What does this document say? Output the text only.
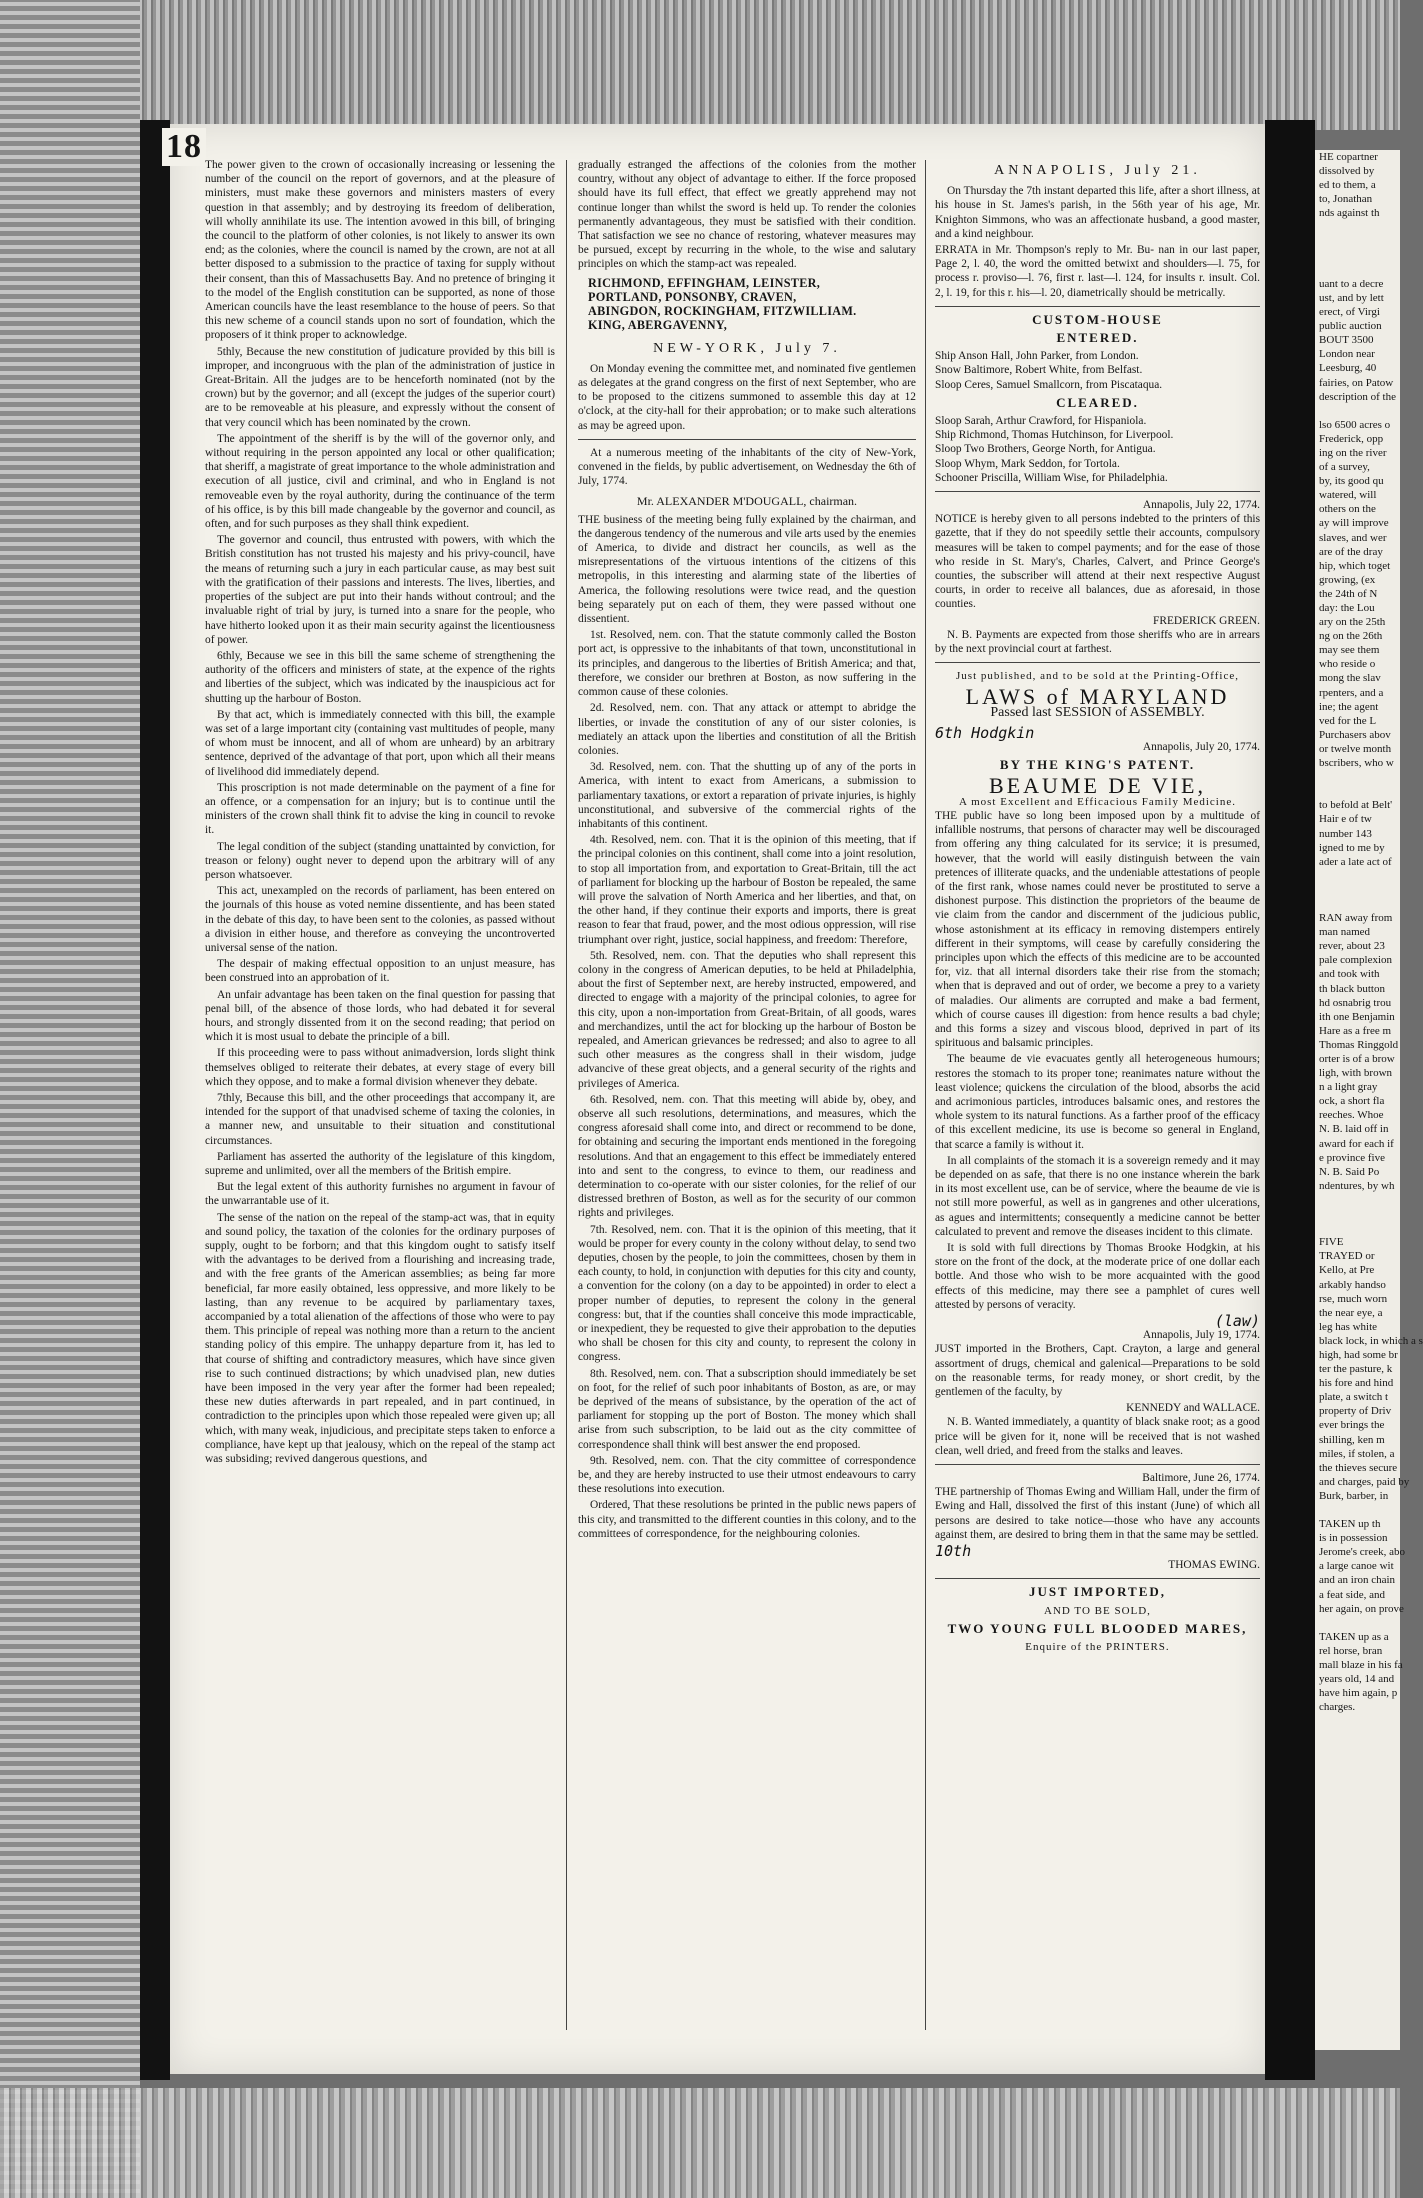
18 The power given to the crown of occasionally increasing or lessening the number of the council on the report of governors, and at the pleasure of ministers, must make these governors and ministers masters of every question in that assembly; and by destroying its freedom of deliberation, will wholly annihilate its use. The intention avowed in this bill, of bringing the council to the platform of other colonies, is not likely to answer its own end; as the colonies, where the council is named by the crown, are not at all better disposed to a submission to the practice of taxing for supply without their consent, than this of Massachusetts Bay. And no pretence of bringing it to the model of the English constitution can be supported, as none of those American councils have the least resemblance to the house of peers. So that this new scheme of a council stands upon no sort of foundation, which the proposers of it think proper to acknowledge.

5thly, Because the new constitution of judicature provided by this bill is improper, and incongruous with the plan of the administration of justice in Great-Britain. All the judges are to be henceforth nominated (not by the crown) but by the governor; and all (except the judges of the superior court) are to be removeable at his pleasure, and expressly without the consent of that very council which has been nominated by the crown.

The appointment of the sheriff is by the will of the governor only, and without requiring in the person appointed any local or other qualification; that sheriff, a magistrate of great importance to the whole administration and execution of all justice, civil and criminal, and who in England is not removeable even by the royal authority, during the continuance of the term of his office, is by this bill made changeable by the governor and council, as often, and for such purposes as they shall think expedient.

The governor and council, thus entrusted with powers, with which the British constitution has not trusted his majesty and his privy-council, have the means of returning such a jury in each particular cause, as may best suit with the gratification of their passions and interests. The lives, liberties, and properties of the subject are put into their hands without controul; and the invaluable right of trial by jury, is turned into a snare for the people, who have hitherto looked upon it as their main security against the licentiousness of power.

6thly, Because we see in this bill the same scheme of strengthening the authority of the officers and ministers of state, at the expence of the rights and liberties of the subject, which was indicated by the inauspicious act for shutting up the harbour of Boston.

By that act, which is immediately connected with this bill, the example was set of a large important city (containing vast multitudes of people, many of whom must be innocent, and all of whom are unheard) by an arbitrary sentence, deprived of the advantage of that port, upon which all their means of livelihood did immediately depend.

This proscription is not made determinable on the payment of a fine for an offence, or a compensation for an injury; but is to continue until the ministers of the crown shall think fit to advise the king in council to revoke it.

The legal condition of the subject (standing unattainted by conviction, for treason or felony) ought never to depend upon the arbitrary will of any person whatsoever.

This act, unexampled on the records of parliament, has been entered on the journals of this house as voted nemine dissentiente, and has been stated in the debate of this day, to have been sent to the colonies, as passed without a division in either house, and therefore as conveying the uncontroverted universal sense of the nation.

The despair of making effectual opposition to an unjust measure, has been construed into an approbation of it.

An unfair advantage has been taken on the final question for passing that penal bill, of the absence of those lords, who had debated it for several hours, and strongly dissented from it on the second reading; that period on which it is most usual to debate the principle of a bill.

If this proceeding were to pass without animadversion, lords slight think themselves obliged to reiterate their debates, at every stage of every bill which they oppose, and to make a formal division whenever they debate.

7thly, Because this bill, and the other proceedings that accompany it, are intended for the support of that unadvised scheme of taxing the colonies, in a manner new, and unsuitable to their situation and constitutional circumstances.

Parliament has asserted the authority of the legislature of this kingdom, supreme and unlimited, over all the members of the British empire.

But the legal extent of this authority furnishes no argument in favour of the unwarrantable use of it.

The sense of the nation on the repeal of the stamp-act was, that in equity and sound policy, the taxation of the colonies for the ordinary purposes of supply, ought to be forborn; and that this kingdom ought to satisfy itself with the advantages to be derived from a flourishing and increasing trade, and with the free grants of the American assemblies; as being far more beneficial, far more easily obtained, less oppressive, and more likely to be lasting, than any revenue to be acquired by parliamentary taxes, accompanied by a total alienation of the affections of those who were to pay them. This principle of repeal was nothing more than a return to the ancient standing policy of this empire. The unhappy departure from it, has led to that course of shifting and contradictory measures, which have since given rise to such continued distractions; by which unadvised plan, new duties have been imposed in the very year after the former had been repealed; these new duties afterwards in part repealed, and in part continued, in contradiction to the principles upon which those repealed were given up; all which, with many weak, injudicious, and precipitate steps taken to enforce a compliance, have kept up that jealousy, which on the repeal of the stamp act was subsiding; revived dangerous questions, and

gradually estranged the affections of the colonies from the mother country, without any object of advantage to either. If the force proposed should have its full effect, that effect we greatly apprehend may not continue longer than whilst the sword is held up. To render the colonies permanently advantageous, they must be satisfied with their condition. That satisfaction we see no chance of restoring, whatever measures may be pursued, except by recurring in the whole, to the wise and salutary principles on which the stamp-act was repealed.

RICHMOND, EFFINGHAM, LEINSTER,
PORTLAND, PONSONBY, CRAVEN,
ABINGDON, ROCKINGHAM, FITZWILLIAM.
KING, ABERGAVENNY,
NEW-YORK, July 7.

On Monday evening the committee met, and nominated five gentlemen as delegates at the grand congress on the first of next September, who are to be proposed to the citizens summoned to assemble this day at 12 o'clock, at the city-hall for their approbation; or to make such alterations as may be agreed upon.

At a numerous meeting of the inhabitants of the city of New-York, convened in the fields, by public advertisement, on Wednesday the 6th of July, 1774.

Mr. ALEXANDER M'DOUGALL, chairman.

THE business of the meeting being fully explained by the chairman, and the dangerous tendency of the numerous and vile arts used by the enemies of America, to divide and distract her councils, as well as the misrepresentations of the virtuous intentions of the citizens of this metropolis, in this interesting and alarming state of the liberties of America, the following resolutions were twice read, and the question being separately put on each of them, they were passed without one dissentient.

1st. Resolved, nem. con. That the statute commonly called the Boston port act, is oppressive to the inhabitants of that town, unconstitutional in its principles, and dangerous to the liberties of British America; and that, therefore, we consider our brethren at Boston, as now suffering in the common cause of these colonies.

2d. Resolved, nem. con. That any attack or attempt to abridge the liberties, or invade the constitution of any of our sister colonies, is mediately an attack upon the liberties and constitution of all the British colonies.

3d. Resolved, nem. con. That the shutting up of any of the ports in America, with intent to exact from Americans, a submission to parliamentary taxations, or extort a reparation of private injuries, is highly unconstitutional, and subversive of the commercial rights of the inhabitants of this continent.

4th. Resolved, nem. con. That it is the opinion of this meeting, that if the principal colonies on this continent, shall come into a joint resolution, to stop all importation from, and exportation to Great-Britain, till the act of parliament for blocking up the harbour of Boston be repealed, the same will prove the salvation of North America and her liberties, and that, on the other hand, if they continue their exports and imports, there is great reason to fear that fraud, power, and the most odious oppression, will rise triumphant over right, justice, social happiness, and freedom: Therefore,

5th. Resolved, nem. con. That the deputies who shall represent this colony in the congress of American deputies, to be held at Philadelphia, about the first of September next, are hereby instructed, empowered, and directed to engage with a majority of the principal colonies, to agree for this city, upon a non-importation from Great-Britain, of all goods, wares and merchandizes, until the act for blocking up the harbour of Boston be repealed, and American grievances be redressed; and also to agree to all such other measures as the congress shall in their wisdom, judge advancive of these great objects, and a general security of the rights and privileges of America.

6th. Resolved, nem. con. That this meeting will abide by, obey, and observe all such resolutions, determinations, and measures, which the congress aforesaid shall come into, and direct or recommend to be done, for obtaining and securing the important ends mentioned in the foregoing resolutions. And that an engagement to this effect be immediately entered into and sent to the congress, to evince to them, our readiness and determination to co-operate with our sister colonies, for the relief of our distressed brethren of Boston, as well as for the security of our common rights and privileges.

7th. Resolved, nem. con. That it is the opinion of this meeting, that it would be proper for every county in the colony without delay, to send two deputies, chosen by the people, to join the committees, chosen by them in each county, to hold, in conjunction with deputies for this city and county, a convention for the colony (on a day to be appointed) in order to elect a proper number of deputies, to represent the colony in the general congress: but, that if the counties shall conceive this mode impracticable, or inexpedient, they be requested to give their approbation to the deputies who shall be chosen for this city and county, to represent the colony in congress.

8th. Resolved, nem. con. That a subscription should immediately be set on foot, for the relief of such poor inhabitants of Boston, as are, or may be deprived of the means of subsistance, by the operation of the act of parliament for stopping up the port of Boston. The money which shall arise from such subscription, to be laid out as the city committee of correspondence shall think will best answer the end proposed.

9th. Resolved, nem. con. That the city committee of correspondence be, and they are hereby instructed to use their utmost endeavours to carry these resolutions into execution.

Ordered, That these resolutions be printed in the public news papers of this city, and transmitted to the different counties in this colony, and to the committees of correspondence, for the neighbouring colonies.

ANNAPOLIS, July 21.

On Thursday the 7th instant departed this life, after a short illness, at his house in St. James's parish, in the 56th year of his age, Mr. Knighton Simmons, who was an affectionate husband, a good master, and a kind neighbour.

ERRATA in Mr. Thompson's reply to Mr. Bu- nan in our last paper, Page 2, l. 40, the word the omitted betwixt and shoulders—l. 75, for process r. proviso—l. 76, first r. last—l. 124, for insults r. insult. Col. 2, l. 19, for this r. his—l. 20, diametrically should be metrically.

CUSTOM-HOUSE
ENTERED.
Ship Anson Hall, John Parker, from London.
Snow Baltimore, Robert White, from Belfast.
Sloop Ceres, Samuel Smallcorn, from Piscataqua.
CLEARED.
Sloop Sarah, Arthur Crawford, for Hispaniola.
Ship Richmond, Thomas Hutchinson, for Liverpool.
Sloop Two Brothers, George North, for Antigua.
Sloop Whym, Mark Seddon, for Tortola.
Schooner Priscilla, William Wise, for Philadelphia.
Annapolis, July 22, 1774.

NOTICE is hereby given to all persons indebted to the printers of this gazette, that if they do not speedily settle their accounts, compulsory measures will be taken to compel payments; and for the ease of those who reside in St. Mary's, Charles, Calvert, and Prince George's counties, the subscriber will attend at their next respective August courts, in order to receive all balances, due as aforesaid, in those counties.

FREDERICK GREEN.

N. B. Payments are expected from those sheriffs who are in arrears by the next provincial court at farthest.

Just published, and to be sold at the Printing-Office,
LAWS of MARYLAND
Passed last SESSION of ASSEMBLY.
6th Hodgkin
Annapolis, July 20, 1774.
BY THE KING'S PATENT.
BEAUME DE VIE,
A most Excellent and Efficacious Family Medicine.

THE public have so long been imposed upon by a multitude of infallible nostrums, that persons of character may well be discouraged from offering any thing calculated for its service; it is presumed, however, that the world will easily distinguish between the vain pretences of illiterate quacks, and the undeniable attestations of people of the first rank, whose names could never be prostituted to serve a dishonest purpose. This distinction the proprietors of the beaume de vie claim from the candor and discernment of the judicious public, whose astonishment at its efficacy in removing distempers entirely different in their symptoms, will cease by carefully considering the principles upon which the effects of this medicine are to be accounted for, viz. that all internal disorders take their rise from the stomach; when that is depraved and out of order, we become a prey to a variety of maladies. Our aliments are corrupted and make a bad ferment, which of course causes ill digestion: from hence results a bad chyle; and this forms a sizey and viscous blood, deprived in part of its spirituous and balsamic principles.

The beaume de vie evacuates gently all heterogeneous humours; restores the stomach to its proper tone; reanimates nature without the least violence; quickens the circulation of the blood, absorbs the acid and acrimonious particles, introduces balsamic ones, and restores the whole system to its natural functions. As a farther proof of the efficacy of this excellent medicine, its use is become so general in England, that scarce a family is without it.

In all complaints of the stomach it is a sovereign remedy and it may be depended on as safe, that there is no one instance wherein the bark in its most excellent use, can be of service, where the beaume de vie is not still more powerful, as well as in gangrenes and other ulcerations, as agues and intermittents; consequently a medicine cannot be better calculated to prevent and remove the diseases incident to this climate.

It is sold with full directions by Thomas Brooke Hodgkin, at his store on the front of the dock, at the moderate price of one dollar each bottle. And those who wish to be more acquainted with the good effects of this medicine, may there see a pamphlet of cures well attested by persons of veracity.

(law)
Annapolis, July 19, 1774.

JUST imported in the Brothers, Capt. Crayton, a large and general assortment of drugs, chemical and galenical—Preparations to be sold on the reasonable terms, for ready money, or short credit, by the gentlemen of the faculty, by

KENNEDY and WALLACE.

N. B. Wanted immediately, a quantity of black snake root; as a good price will be given for it, none will be received that is not washed clean, well dried, and freed from the stalks and leaves.

Baltimore, June 26, 1774.

THE partnership of Thomas Ewing and William Hall, under the firm of Ewing and Hall, dissolved the first of this instant (June) of which all persons are desired to take notice—those who have any accounts against them, are desired to bring them in that the same may be settled.

10th
THOMAS EWING.
JUST IMPORTED,
AND TO BE SOLD,
TWO YOUNG FULL BLOODED MARES,
Enquire of the PRINTERS.
HE copartner
dissolved by
ed to them, a
to, Jonathan
nds against th
uant to a decre
ust, and by lett
erect, of Virgi
public auction
BOUT 3500
London near
Leesburg, 40
fairies, on Patow
description of the
lso 6500 acres o
Frederick, opp
ing on the river
of a survey,
by, its good qu
watered, will
others on the
ay will improve
slaves, and wer
are of the dray
hip, which toget
growing, (ex
the 24th of N
day: the Lou
ary on the 25th
ng on the 26th
may see them
who reside o
mong the slav
rpenters, and a
ine; the agent
ved for the L
Purchasers abov
or twelve month
bscribers, who w
to befold at Belt'
Hair e of tw
number 143
igned to me by
ader a late act of
RAN away from
man named
rever, about 23
pale complexion
and took with
th black button
hd osnabrig trou
ith one Benjamin
Hare as a free m
Thomas Ringgold
orter is of a brow
ligh, with brown
n a light gray
ock, a short fla
reeches. Whoe
N. B. laid off in
award for each if
e province five
N. B. Said Po
ndentures, by wh
FIVE
TRAYED or
Kello, at Pre
arkably handso
rse, much worn
the near eye, a
leg has white
black lock, in which a s
high, had some br
ter the pasture, k
his fore and hind
plate, a switch t
property of Driv
ever brings the
shilling, ken m
miles, if stolen, a
the thieves secure
and charges, paid by
Burk, barber, in
TAKEN up th
is in possession
Jerome's creek, abo
a large canoe wit
and an iron chain
a feat side, and
her again, on prove
TAKEN up as a
rel horse, bran
mall blaze in his fa
years old, 14 and
have him again, p
charges.
